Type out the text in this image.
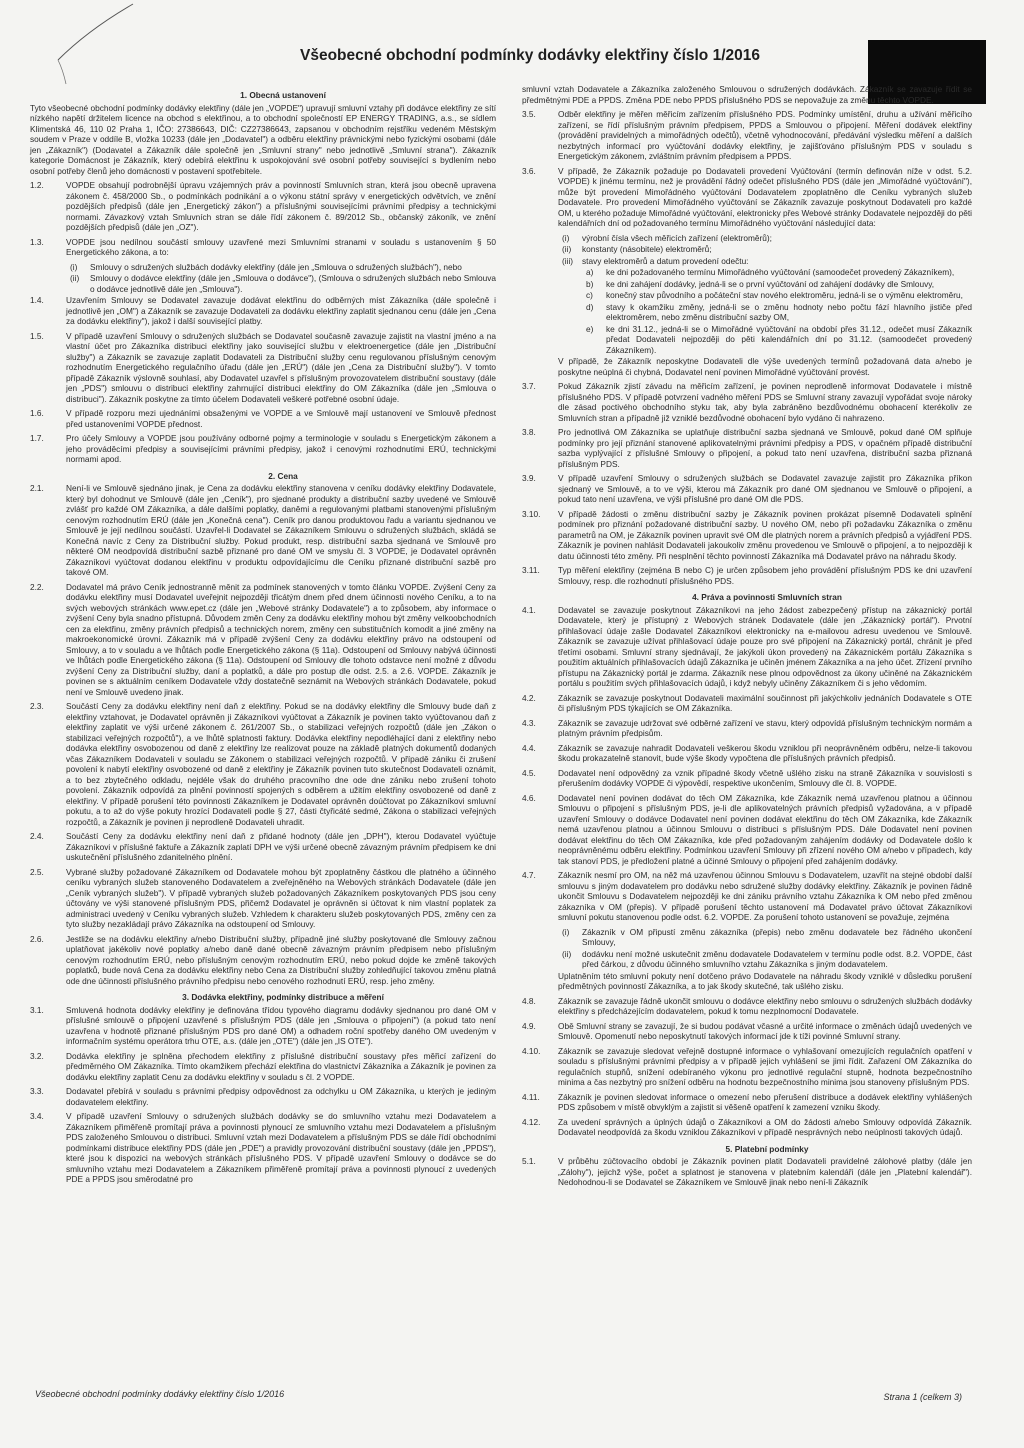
Všeobecné obchodní podmínky dodávky elektřiny číslo 1/2016
1. Obecná ustanovení
Tyto všeobecné obchodní podmínky dodávky elektřiny (dále jen „VOPDE") upravují smluvní vztahy při dodávce elektřiny ze sítí nízkého napětí držitelem licence na obchod s elektřinou, a to obchodní společností EP ENERGY TRADING, a.s., se sídlem Klimentská 46, 110 02 Praha 1, IČO: 27386643, DIČ: CZ27386643, zapsanou v obchodním rejstříku vedeném Městským soudem v Praze v oddíle B, vložka 10233 (dále jen „Dodavatel") a odběru elektřiny právnickými nebo fyzickými osobami (dále jen „Zákazník") (Dodavatel a Zákazník dále společně jen „Smluvní strany" nebo jednotlivě „Smluvní strana"). Zákazník kategorie Domácnost je Zákazník, který odebírá elektřinu k uspokojování své osobní potřeby související s bydlením nebo osobní potřeby členů jeho domácnosti v postavení spotřebitele.
1.2.	VOPDE obsahují podrobnější úpravu vzájemných práv a povinností Smluvních stran, která jsou obecně upravena zákonem č. 458/2000 Sb., o podmínkách podnikání a o výkonu státní správy v energetických odvětvích, ve znění pozdějších předpisů (dále jen „Energetický zákon") a příslušnými souvisejícími právními předpisy a technickými normami. Závazkový vztah Smluvních stran se dále řídí zákonem č. 89/2012 Sb., občanský zákoník, ve znění pozdějších předpisů (dále jen „OZ").
1.3.	VOPDE jsou nedílnou součástí smlouvy uzavřené mezi Smluvními stranami v souladu s ustanovením § 50 Energetického zákona, a to:
(i) Smlouvy o sdružených službách dodávky elektřiny (dále jen „Smlouva o sdružených službách"), nebo
(ii) Smlouvy o dodávce elektřiny (dále jen „Smlouva o dodávce"), (Smlouva o sdružených službách nebo Smlouva o dodávce jednotlivě dále jen „Smlouva").
1.4.	Uzavřením Smlouvy se Dodavatel zavazuje dodávat elektřinu do odběrných míst Zákazníka (dále společně i jednotlivě jen „OM") a Zákazník se zavazuje Dodavateli za dodávku elektřiny zaplatit sjednanou cenu (dále jen „Cena za dodávku elektřiny"), jakož i další související platby.
1.5.	V případě uzavření Smlouvy o sdružených službách se Dodavatel současně zavazuje zajistit na vlastní jméno a na vlastní účet pro Zákazníka distribuci elektřiny jako související službu v elektroenergetice (dále jen „Distribuční služby") a Zákazník se zavazuje zaplatit Dodavateli za Distribuční služby cenu regulovanou příslušným cenovým rozhodnutím Energetického regulačního úřadu (dále jen „ERÚ") (dále jen „Cena za Distribuční služby"). V tomto případě Zákazník výslovně souhlasí, aby Dodavatel uzavřel s příslušným provozovatelem distribuční soustavy (dále jen „PDS") smlouvu o distribuci elektřiny zahrnující distribuci elektřiny do OM Zákazníka (dále jen „Smlouva o distribuci"). Zákazník poskytne za tímto účelem Dodavateli veškeré potřebné osobní údaje.
1.6.	V případě rozporu mezi ujednáními obsaženými ve VOPDE a ve Smlouvě mají ustanovení ve Smlouvě přednost před ustanoveními VOPDE přednost.
1.7.	Pro účely Smlouvy a VOPDE jsou používány odborné pojmy a terminologie v souladu s Energetickým zákonem a jeho prováděcími předpisy a souvisejícími právními předpisy, jakož i cenovými rozhodnutími ERÚ, technickými normami apod.
2. Cena
2.1.	Není-li ve Smlouvě sjednáno jinak, je Cena za dodávku elektřiny stanovena v ceníku dodávky elektřiny Dodavatele, který byl dohodnut ve Smlouvě (dále jen „Ceník"), pro sjednané produkty a distribuční sazby uvedené ve Smlouvě zvlášť pro každé OM Zákazníka, a dále dalšími poplatky, daněmi a regulovanými platbami stanovenými příslušným cenovým rozhodnutím ERÚ (dále jen „Konečná cena"). Ceník pro danou produktovou řadu a variantu sjednanou ve Smlouvě je její nedílnou součástí. Uzavřel-li Dodavatel se Zákazníkem Smlouvu o sdružených službách, skládá se Konečná navíc z Ceny za Distribuční služby. Pokud produkt, resp. distribuční sazba sjednaná ve Smlouvě pro některé OM neodpovídá distribuční sazbě přiznané pro dané OM ve smyslu čl. 3 VOPDE, je Dodavatel oprávněn Zákazníkovi vyúčtovat dodanou elektřinu v produktu odpovídajícímu dle Ceníku přiznané distribuční sazbě pro takové OM.
2.2.	Dodavatel má právo Ceník jednostranně měnit za podmínek stanovených v tomto článku VOPDE. Zvýšení Ceny za dodávku elektřiny musí Dodavatel uveřejnit nejpozději třicátým dnem před dnem účinnosti nového Ceníku, a to na svých webových stránkách www.epet.cz (dále jen „Webové stránky Dodavatele") a to způsobem, aby informace o zvýšení Ceny byla snadno přístupná. Důvodem změn Ceny za dodávku elektřiny mohou být změny velkoobchodních cen za elektřinu, změny právních předpisů a technických norem, změny cen substitučních komodit a jiné změny na makroekonomické úrovni. Zákazník má v případě zvýšení Ceny za dodávku elektřiny právo na odstoupení od Smlouvy, a to v souladu a ve lhůtách podle Energetického zákona (§ 11a). Odstoupení od Smlouvy nabývá účinnosti ve lhůtách podle Energetického zákona (§ 11a). Odstoupení od Smlouvy dle tohoto odstavce není možné z důvodu zvýšení Ceny za Distribuční služby, daní a poplatků, a dále pro postup dle odst. 2.5. a 2.6. VOPDE. Zákazník je povinen se s aktuálním ceníkem Dodavatele vždy dostatečně seznámit na Webových stránkách Dodavatele, pokud není ve Smlouvě uvedeno jinak.
2.3.	Součástí Ceny za dodávku elektřiny není daň z elektřiny. Pokud se na dodávky elektřiny dle Smlouvy bude daň z elektřiny vztahovat, je Dodavatel oprávněn ji Zákazníkovi vyúčtovat a Zákazník je povinen takto vyúčtovanou daň z elektřiny zaplatit ve výši určené zákonem č. 261/2007 Sb., o stabilizaci veřejných rozpočtů (dále jen „Zákon o stabilizaci veřejných rozpočtů"), a ve lhůtě splatnosti faktury. Dodávka elektřiny nepodléhající dani z elektřiny nebo dodávka elektřiny osvobozenou od daně z elektřiny lze realizovat pouze na základě platných dokumentů dodaných včas Zákazníkem Dodavateli v souladu se Zákonem o stabilizaci veřejných rozpočtů. V případě zániku či zrušení povolení k nabytí elektřiny osvobozené od daně z elektřiny je Zákazník povinen tuto skutečnost Dodavateli oznámit, a to bez zbytečného odkladu, nejdéle však do druhého pracovního dne ode dne zániku nebo zrušení tohoto povolení. Zákazník odpovídá za plnění povinností spojených s odběrem a užitím elektřiny osvobozené od daně z elektřiny. V případě porušení této povinnosti Zákazníkem je Dodavatel oprávněn doúčtovat po Zákazníkovi smluvní pokutu, a to až do výše pokuty hrozící Dodavateli podle § 27, části čtyřicáté sedmé, Zákona o stabilizaci veřejných rozpočtů, a Zákazník je povinen ji neprodleně Dodavateli uhradit.
2.4.	Součástí Ceny za dodávku elektřiny není daň z přidané hodnoty (dále jen „DPH"), kterou Dodavatel vyúčtuje Zákazníkovi v příslušné faktuře a Zákazník zaplatí DPH ve výši určené obecně závazným právním předpisem ke dni uskutečnění příslušného zdanitelného plnění.
2.5.	Vybrané služby požadované Zákazníkem od Dodavatele mohou být zpoplatněny částkou dle platného a účinného ceníku vybraných služeb stanoveného Dodavatelem a zveřejněného na Webových stránkách Dodavatele (dále jen „Ceník vybraných služeb"). V případě vybraných služeb požadovaných Zákazníkem poskytovaných PDS jsou ceny účtovány ve výši stanovené příslušným PDS, přičemž Dodavatel je oprávněn si účtovat k nim vlastní poplatek za administraci uvedený v Ceníku vybraných služeb. Vzhledem k charakteru služeb poskytovaných PDS, změny cen za tyto služby nezakládají právo Zákazníka na odstoupení od Smlouvy.
2.6.	Jestliže se na dodávku elektřiny a/nebo Distribuční služby, případně jiné služby poskytované dle Smlouvy začnou uplatňovat jakékoliv nové poplatky a/nebo daně dané obecně závazným právním předpisem nebo příslušným cenovým rozhodnutím ERÚ, nebo příslušným cenovým rozhodnutím ERÚ, nebo pokud dojde ke změně takových poplatků, bude nová Cena za dodávku elektřiny nebo Cena za Distribuční služby zohledňující takovou změnu platná ode dne účinnosti příslušného právního předpisu nebo cenového rozhodnutí ERÚ, resp. jeho změny.
3. Dodávka elektřiny, podmínky distribuce a měření
3.1.	Smluvená hodnota dodávky elektřiny je definována třídou typového diagramu dodávky sjednanou pro dané OM v příslušné smlouvě o připojení uzavřené s příslušným PDS (dále jen „Smlouva o připojení") (a pokud tato není uzavřena v hodnotě přiznané příslušným PDS pro dané OM) a odhadem roční spotřeby daného OM uvedeným v informačním systému operátora trhu OTE, a.s. (dále jen „OTE") (dále jen „IS OTE").
3.2.	Dodávka elektřiny je splněna přechodem elektřiny z příslušné distribuční soustavy přes měřicí zařízení do předměrného OM Zákazníka. Tímto okamžikem přechází elektřina do vlastnictví Zákazníka a Zákazník je povinen za dodávku elektřiny zaplatit Cenu za dodávku elektřiny v souladu s čl. 2 VOPDE.
3.3.	Dodavatel přebírá v souladu s právními předpisy odpovědnost za odchylku u OM Zákazníka, u kterých je jediným dodavatelem elektřiny.
3.4.	V případě uzavření Smlouvy o sdružených službách dodávky se do smluvního vztahu mezi Dodavatelem a Zákazníkem přiměřeně promítají práva a povinnosti plynoucí ze smluvního vztahu mezi Dodavatelem a příslušným PDS založeného Smlouvou o distribuci. Smluvní vztah mezi Dodavatelem a příslušným PDS se dále řídí obchodními podmínkami distribuce elektřiny PDS (dále jen „PDE") a pravidly provozování distribuční soustavy (dále jen „PPDS"), které jsou k dispozici na webových stránkách příslušného PDS. V případě uzavření Smlouvy o dodávce se do smluvního vztahu mezi Dodavatelem a Zákazníkem přiměřeně promítají práva a povinnosti plynoucí z uvedených PDE a PPDS jsou směrodatné pro
smluvní vztah Dodavatele a Zákazníka založeného Smlouvou o sdružených dodávkách. Zákazník se zavazuje řídit se předmětnými PDE a PPDS. Změna PDE nebo PPDS příslušného PDS se nepovažuje za změnu těchto VOPDE.
3.5.	Odběr elektřiny je měřen měřicím zařízením příslušného PDS. Podmínky umístění, druhu a užívání měřicího zařízení, se řídí příslušným právním předpisem, PPDS a Smlouvou o připojení. Měření dodávek elektřiny (provádění pravidelných a mimořádných odečtů), včetně vyhodnocování, předávání výsledku měření a dalších nezbytných informací pro vyúčtování dodávky elektřiny, je zajišťováno příslušným PDS v souladu s Energetickým zákonem, zvláštním právním předpisem a PPDS.
3.6.	V případě, že Zákazník požaduje po Dodavateli provedení Vyúčtování (termín definován níže v odst. 5.2. VOPDE) k jinému termínu, než je provádění řádný odečet příslušného PDS (dále jen „Mimořádné vyúčtování"), může být provedení Mimořádného vyúčtování Dodavatelem zpoplatněno dle Ceníku vybraných služeb Dodavatele. Pro provedení Mimořádného vyúčtování se Zákazník zavazuje poskytnout Dodavateli pro každé OM, u kterého požaduje Mimořádné vyúčtování, elektronicky přes Webové stránky Dodavatele nejpozději do pěti kalendářních dní od požadovaného termínu Mimořádného vyúčtování následující data:
(i) výrobní čísla všech měřicích zařízení (elektroměrů);
(ii) konstanty (násobitele) elektroměrů;
(iii) stavy elektroměrů a datum provedení odečtu:
a) ke dni požadovaného termínu Mimořádného vyúčtování (samoodečet provedený Zákazníkem),
b) ke dni zahájení dodávky, jedná-li se o první vyúčtování od zahájení dodávky dle Smlouvy,
c) konečný stav původního a počáteční stav nového elektroměru, jedná-li se o výměnu elektroměru,
d) stavy k okamžiku změny, jedná-li se o změnu hodnoty nebo počtu fází hlavního jističe před elektroměrem, nebo změnu distribuční sazby OM,
e) ke dni 31.12., jedná-li se o Mimořádné vyúčtování na období přes 31.12., odečet musí Zákazník předat Dodavateli nejpozději do pěti kalendářních dní po 31.12. (samoodečet provedený Zákazníkem).
V případě, že Zákazník neposkytne Dodavateli dle výše uvedených termínů požadovaná data a/nebo je poskytne neúplná či chybná, Dodavatel není povinen Mimořádné vyúčtování provést.
3.7.	Pokud Zákazník zjistí závadu na měřicím zařízení, je povinen neprodleně informovat Dodavatele i místně příslušného PDS. V případě potvrzení vadného měření PDS se Smluvní strany zavazují vypořádat svoje nároky dle zásad poctivého obchodního styku tak, aby byla zabráněno bezdůvodnému obohacení kterékoliv ze Smluvních stran a případně již vzniklé bezdůvodné obohacení bylo vydáno či nahrazeno.
3.8.	Pro jednotlivá OM Zákazníka se uplatňuje distribuční sazba sjednaná ve Smlouvě, pokud dané OM splňuje podmínky pro její přiznání stanovené aplikovatelnými právními předpisy a PDS, v opačném případě distribuční sazba vyplývající z příslušné Smlouvy o připojení, a pokud tato není uzavřena, distribuční sazba přiznaná příslušným PDS.
3.9.	V případě uzavření Smlouvy o sdružených službách se Dodavatel zavazuje zajistit pro Zákazníka příkon sjednaný ve Smlouvě, a to ve výši, kterou má Zákazník pro dané OM sjednanou ve Smlouvě o připojení, a pokud tato není uzavřena, ve výši příslušné pro dané OM dle PDS.
3.10.	V případě žádosti o změnu distribuční sazby je Zákazník povinen prokázat písemně Dodavateli splnění podmínek pro přiznání požadované distribuční sazby. U nového OM, nebo při požadavku Zákazníka o změnu parametrů na OM, je Zákazník povinen upravit své OM dle platných norem a právních předpisů a vyjádření PDS. Zákazník je povinen nahlásit Dodavateli jakoukoliv změnu provedenou ve Smlouvě o připojení, a to nejpozději k datu účinnosti této změny. Při nesplnění těchto povinností Zákazníka má Dodavatel právo na náhradu škody.
3.11.	Typ měření elektřiny (zejména B nebo C) je určen způsobem jeho provádění příslušným PDS ke dni uzavření Smlouvy, resp. dle rozhodnutí příslušného PDS.
4. Práva a povinnosti Smluvních stran
4.1.	Dodavatel se zavazuje poskytnout Zákazníkovi na jeho žádost zabezpečený přístup na zákaznický portál Dodavatele, který je přístupný z Webových stránek Dodavatele (dále jen „Zákaznický portál"). Prvotní přihlašovací údaje zašle Dodavatel Zákazníkovi elektronicky na e-mailovou adresu uvedenou ve Smlouvě. Zákazník se zavazuje užívat přihlašovací údaje pouze pro své připojení na Zákaznický portál, chránit je před třetími osobami. Smluvní strany sjednávají, že jakýkoli úkon provedený na Zákaznickém portálu Zákazníka s použitím aktuálních přihlašovacích údajů Zákazníka je učiněn jménem Zákazníka a na jeho účet. Zřízení prvního přístupu na Zákaznický portál je zdarma. Zákazník nese plnou odpovědnost za úkony učiněné na Zákaznickém portálu s použitím svých přihlašovacích údajů, i když nebyly učiněny Zákazníkem či s jeho vědomím.
4.2.	Zákazník se zavazuje poskytnout Dodavateli maximální součinnost při jakýchkoliv jednáních Dodavatele s OTE či příslušným PDS týkajících se OM Zákazníka.
4.3.	Zákazník se zavazuje udržovat své odběrné zařízení ve stavu, který odpovídá příslušným technickým normám a platným právním předpisům.
4.4.	Zákazník se zavazuje nahradit Dodavateli veškerou škodu vzniklou při neoprávněném odběru, nelze-li takovou škodu prokazatelně stanovit, bude výše škody vypočtena dle příslušných právních předpisů.
4.5.	Dodavatel není odpovědný za vznik případné škody včetně ušlého zisku na straně Zákazníka v souvislosti s přerušením dodávky VOPDE či výpovědí, respektive ukončením, Smlouvy dle čl. 8. VOPDE.
4.6.	Dodavatel není povinen dodávat do těch OM Zákazníka, kde Zákazník nemá uzavřenou platnou a účinnou Smlouvu o připojení s příslušným PDS, je-li dle aplikovatelných právních předpisů vyžadována, a v případě uzavření Smlouvy o dodávce Dodavatel není povinen dodávat elektřinu do těch OM Zákazníka, kde Zákazník nemá uzavřenou platnou a účinnou Smlouvu o distribuci s příslušným PDS. Dále Dodavatel není povinen dodávat elektřinu do těch OM Zákazníka, kde před požadovaným zahájením dodávky od Dodavatele došlo k neoprávněnému odběru elektřiny. Podmínkou uzavření Smlouvy při zřízení nového OM a/nebo v případech, kdy tak stanoví PDS, je předložení platné a účinné Smlouvy o připojení před zahájením dodávky.
4.7.	Zákazník nesmí pro OM, na něž má uzavřenou účinnou Smlouvu s Dodavatelem, uzavřít na stejné období další smlouvu s jiným dodavatelem pro dodávku nebo sdružené služby dodávky elektřiny. Zákazník je povinen řádně ukončit Smlouvu s Dodavatelem nejpozději ke dni zániku právního vztahu Zákazníka k OM nebo před změnou zákazníka v OM (přepis). V případě porušení těchto ustanovení má Dodavatel právo účtovat Zákazníkovi smluvní pokutu stanovenou podle odst. 6.2. VOPDE. Za porušení tohoto ustanovení se považuje, zejména
(i) Zákazník v OM připustí změnu zákazníka (přepis) nebo změnu dodavatele bez řádného ukončení Smlouvy,
(ii) dodávku není možné uskutečnit změnu dodavatele Dodavatelem v termínu podle odst. 8.2. VOPDE, část před čárkou, z důvodu účinného smluvního vztahu Zákazníka s jiným dodavatelem.
Uplatněním této smluvní pokuty není dotčeno právo Dodavatele na náhradu škody vzniklé v důsledku porušení předmětných povinností Zákazníka, a to jak škody skutečné, tak ušlého zisku.
4.8.	Zákazník se zavazuje řádně ukončit smlouvu o dodávce elektřiny nebo smlouvu o sdružených službách dodávky elektřiny s předcházejícím dodavatelem, pokud k tomu nezplnomocní Dodavatele.
4.9.	Obě Smluvní strany se zavazují, že si budou podávat včasné a určité informace o změnách údajů uvedených ve Smlouvě. Opomenutí nebo neposkytnutí takových informací jde k tíži povinné Smluvní strany.
4.10.	Zákazník se zavazuje sledovat veřejně dostupné informace o vyhlašovaní omezujících regulačních opatření v souladu s příslušnými právními předpisy a v případě jejich vyhlášení se jimi řídit. Zařazení OM Zákazníka do regulačních stupňů, snížení odebíraného výkonu pro jednotlivé regulační stupně, hodnota bezpečnostního minima a čas nezbytný pro snížení odběru na hodnotu bezpečnostního minima jsou stanoveny příslušným PDS.
4.11.	Zákazník je povinen sledovat informace o omezení nebo přerušení distribuce a dodávek elektřiny vyhlášených PDS způsobem v místě obvyklým a zajistit si věšeně opatření k zamezení vzniku škody.
4.12.	Za uvedení správných a úplných údajů o Zákazníkovi a OM do žádosti a/nebo Smlouvy odpovídá Zákazník. Dodavatel neodpovídá za škodu vzniklou Zákazníkovi v případě nesprávných nebo neúplnosti takových údajů.
5. Platební podmínky
5.1.	V průběhu zúčtovacího období je Zákazník povinen platit Dodavateli pravidelné zálohové platby (dále jen „Zálohy"), jejichž výše, počet a splatnost je stanovena v platebním kalendáři (dále jen „Platební kalendář"). Nedohodnou-li se Dodavatel se Zákazníkem ve Smlouvě jinak nebo není-li Zákazník
Všeobecné obchodní podmínky dodávky elektřiny číslo 1/2016	Strana 1 (celkem 3)
